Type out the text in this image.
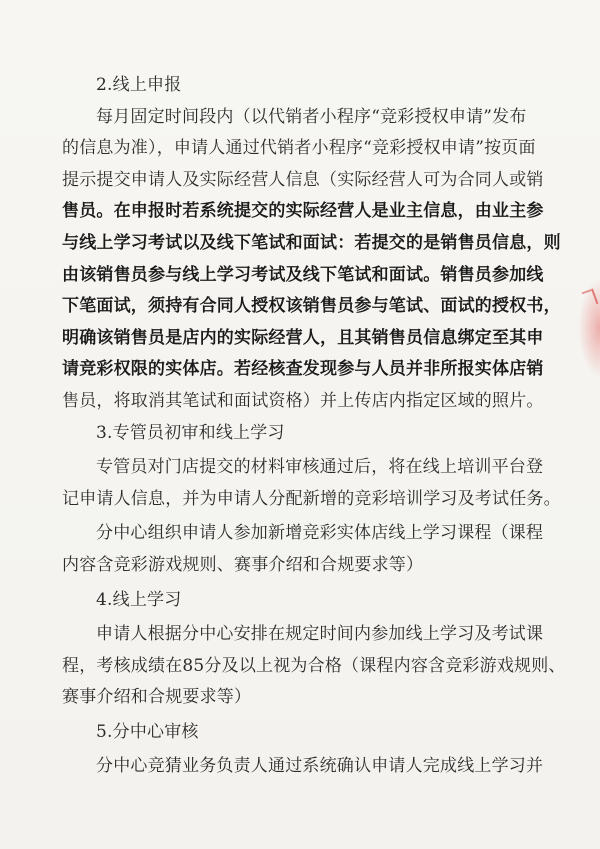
2.线上申报
每月固定时间段内（以代销者小程序“竞彩授权申请”发布
的信息为准），申请人通过代销者小程序“竞彩授权申请”按页面
提示提交申请人及实际经营人信息（实际经营人可为合同人或销
售员。在申报时若系统提交的实际经营人是业主信息，由业主参
与线上学习考试以及线下笔试和面试：若提交的是销售员信息，则
由该销售员参与线上学习考试及线下笔试和面试。销售员参加线
下笔面试，须持有合同人授权该销售员参与笔试、面试的授权书，
明确该销售员是店内的实际经营人，且其销售员信息绑定至其申
请竞彩权限的实体店。若经核查发现参与人员并非所报实体店销
售员，将取消其笔试和面试资格）并上传店内指定区域的照片。
3.专管员初审和线上学习
专管员对门店提交的材料审核通过后，将在线上培训平台登
记申请人信息，并为申请人分配新增的竞彩培训学习及考试任务。
分中心组织申请人参加新增竞彩实体店线上学习课程（课程
内容含竞彩游戏规则、赛事介绍和合规要求等）
4.线上学习
申请人根据分中心安排在规定时间内参加线上学习及考试课
程，考核成绩在85分及以上视为合格（课程内容含竞彩游戏规则、
赛事介绍和合规要求等）
5.分中心审核
分中心竞猜业务负责人通过系统确认申请人完成线上学习并
